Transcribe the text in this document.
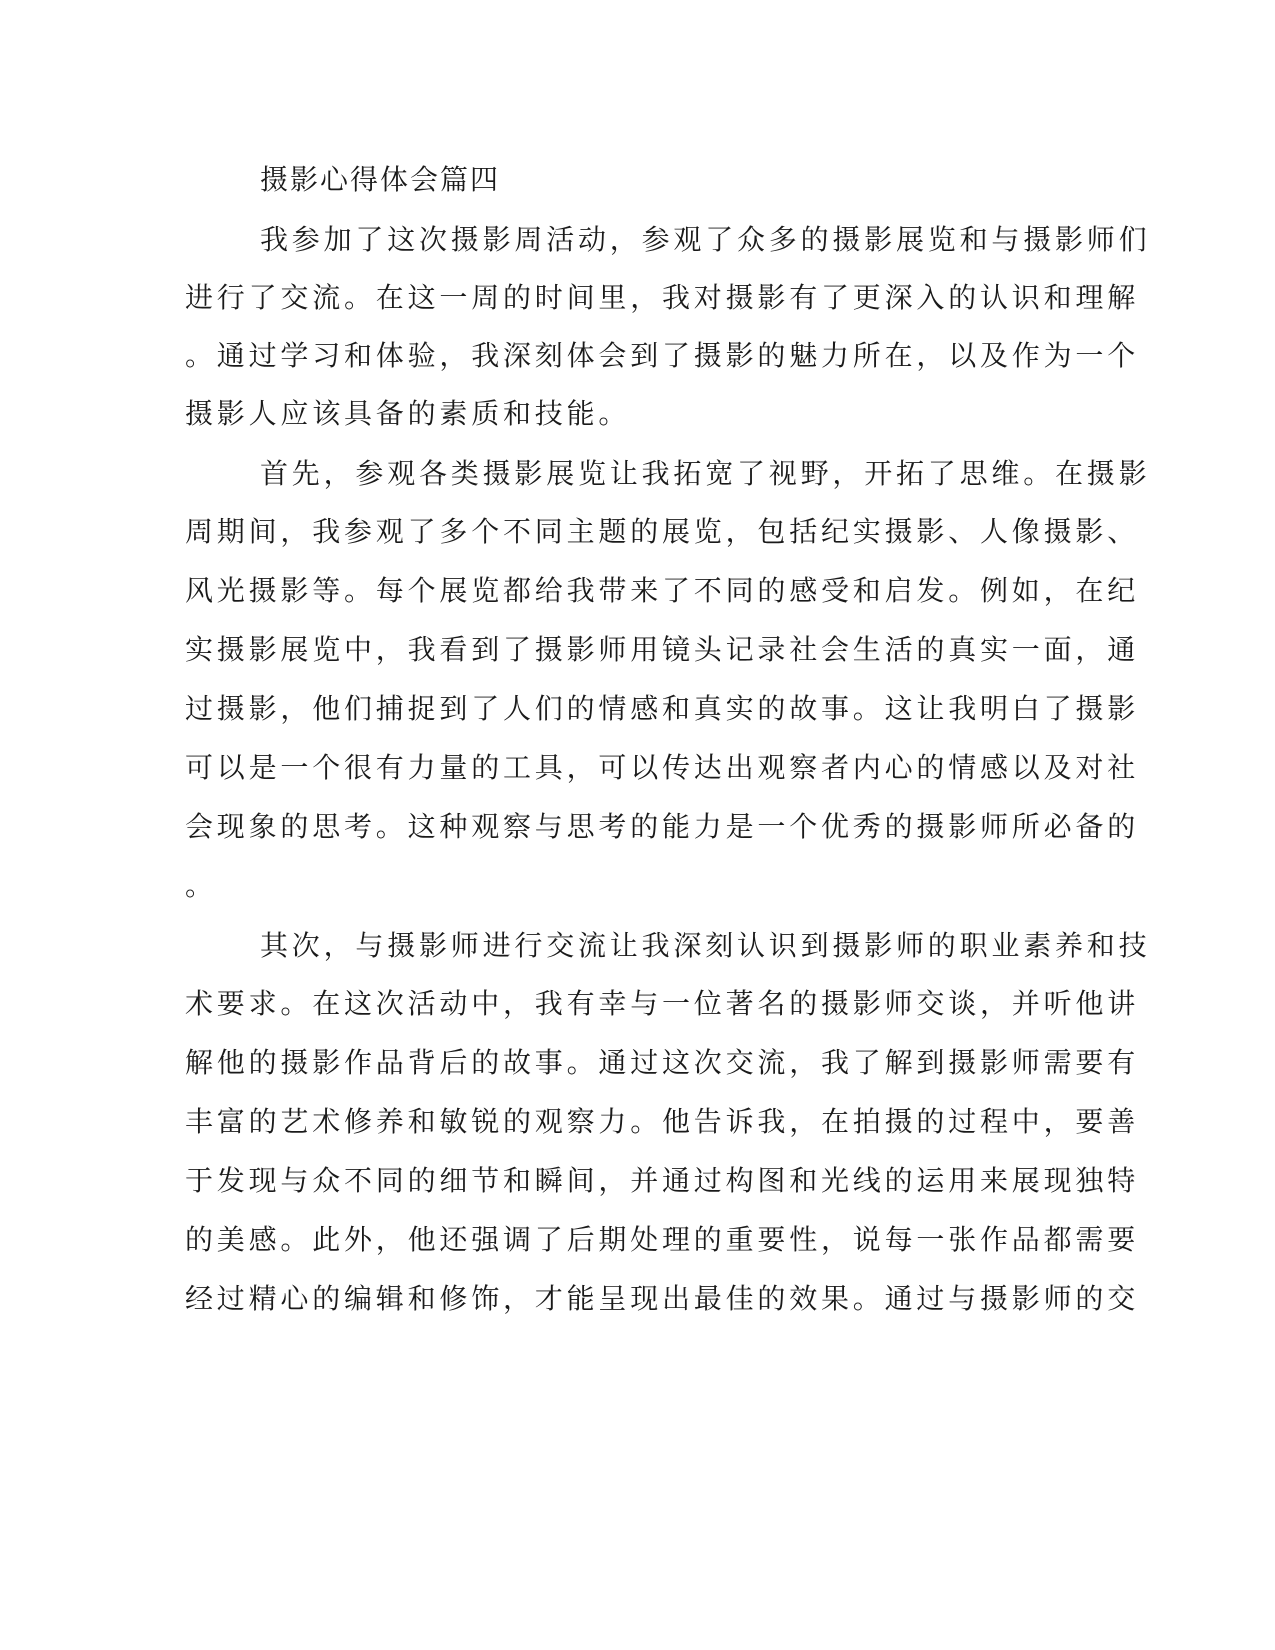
摄影心得体会篇四
我参加了这次摄影周活动，参观了众多的摄影展览和与摄影师们
进行了交流。在这一周的时间里，我对摄影有了更深入的认识和理解
。通过学习和体验，我深刻体会到了摄影的魅力所在，以及作为一个
摄影人应该具备的素质和技能。
首先，参观各类摄影展览让我拓宽了视野，开拓了思维。在摄影
周期间，我参观了多个不同主题的展览，包括纪实摄影、人像摄影、
风光摄影等。每个展览都给我带来了不同的感受和启发。例如，在纪
实摄影展览中，我看到了摄影师用镜头记录社会生活的真实一面，通
过摄影，他们捕捉到了人们的情感和真实的故事。这让我明白了摄影
可以是一个很有力量的工具，可以传达出观察者内心的情感以及对社
会现象的思考。这种观察与思考的能力是一个优秀的摄影师所必备的
。
其次，与摄影师进行交流让我深刻认识到摄影师的职业素养和技
术要求。在这次活动中，我有幸与一位著名的摄影师交谈，并听他讲
解他的摄影作品背后的故事。通过这次交流，我了解到摄影师需要有
丰富的艺术修养和敏锐的观察力。他告诉我，在拍摄的过程中，要善
于发现与众不同的细节和瞬间，并通过构图和光线的运用来展现独特
的美感。此外，他还强调了后期处理的重要性，说每一张作品都需要
经过精心的编辑和修饰，才能呈现出最佳的效果。通过与摄影师的交
